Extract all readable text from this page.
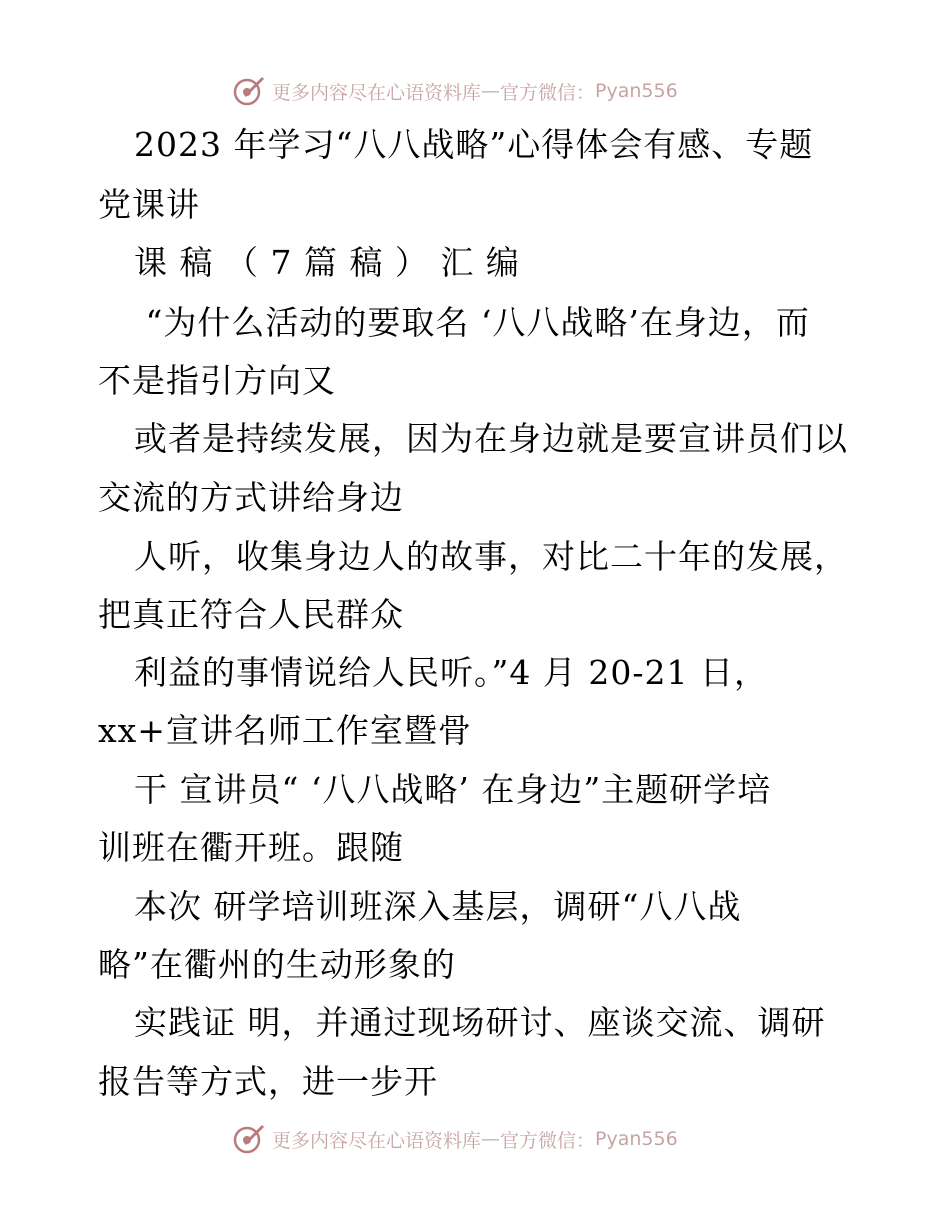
更多内容尽在心语资料库 — 官方微信： Pyan556
2023 年学习“八八战略”心得体会有感、专题
党课讲
课 稿 （ 7 篇 稿 ） 汇 编
“为什么活动的要取名 ‘八八战略’在身边，而
不是指引方向又
或者是持续发展，因为在身边就是要宣讲员们以
交流的方式讲给身边
人听，收集身边人的故事，对比二十年的发展，
把真正符合人民群众
利益的事情说给人民听。”4 月 20-21 日，
xx+宣讲名师工作室暨骨
干 宣讲员“ ‘八八战略’ 在身边”主题研学培
训班在衢开班。跟随
本次 研学培训班深入基层，调研“八八战
略”在衢州的生动形象的
实践证 明，并通过现场研讨、座谈交流、调研
报告等方式，进一步开
更多内容尽在心语资料库 — 官方微信： Pyan556
